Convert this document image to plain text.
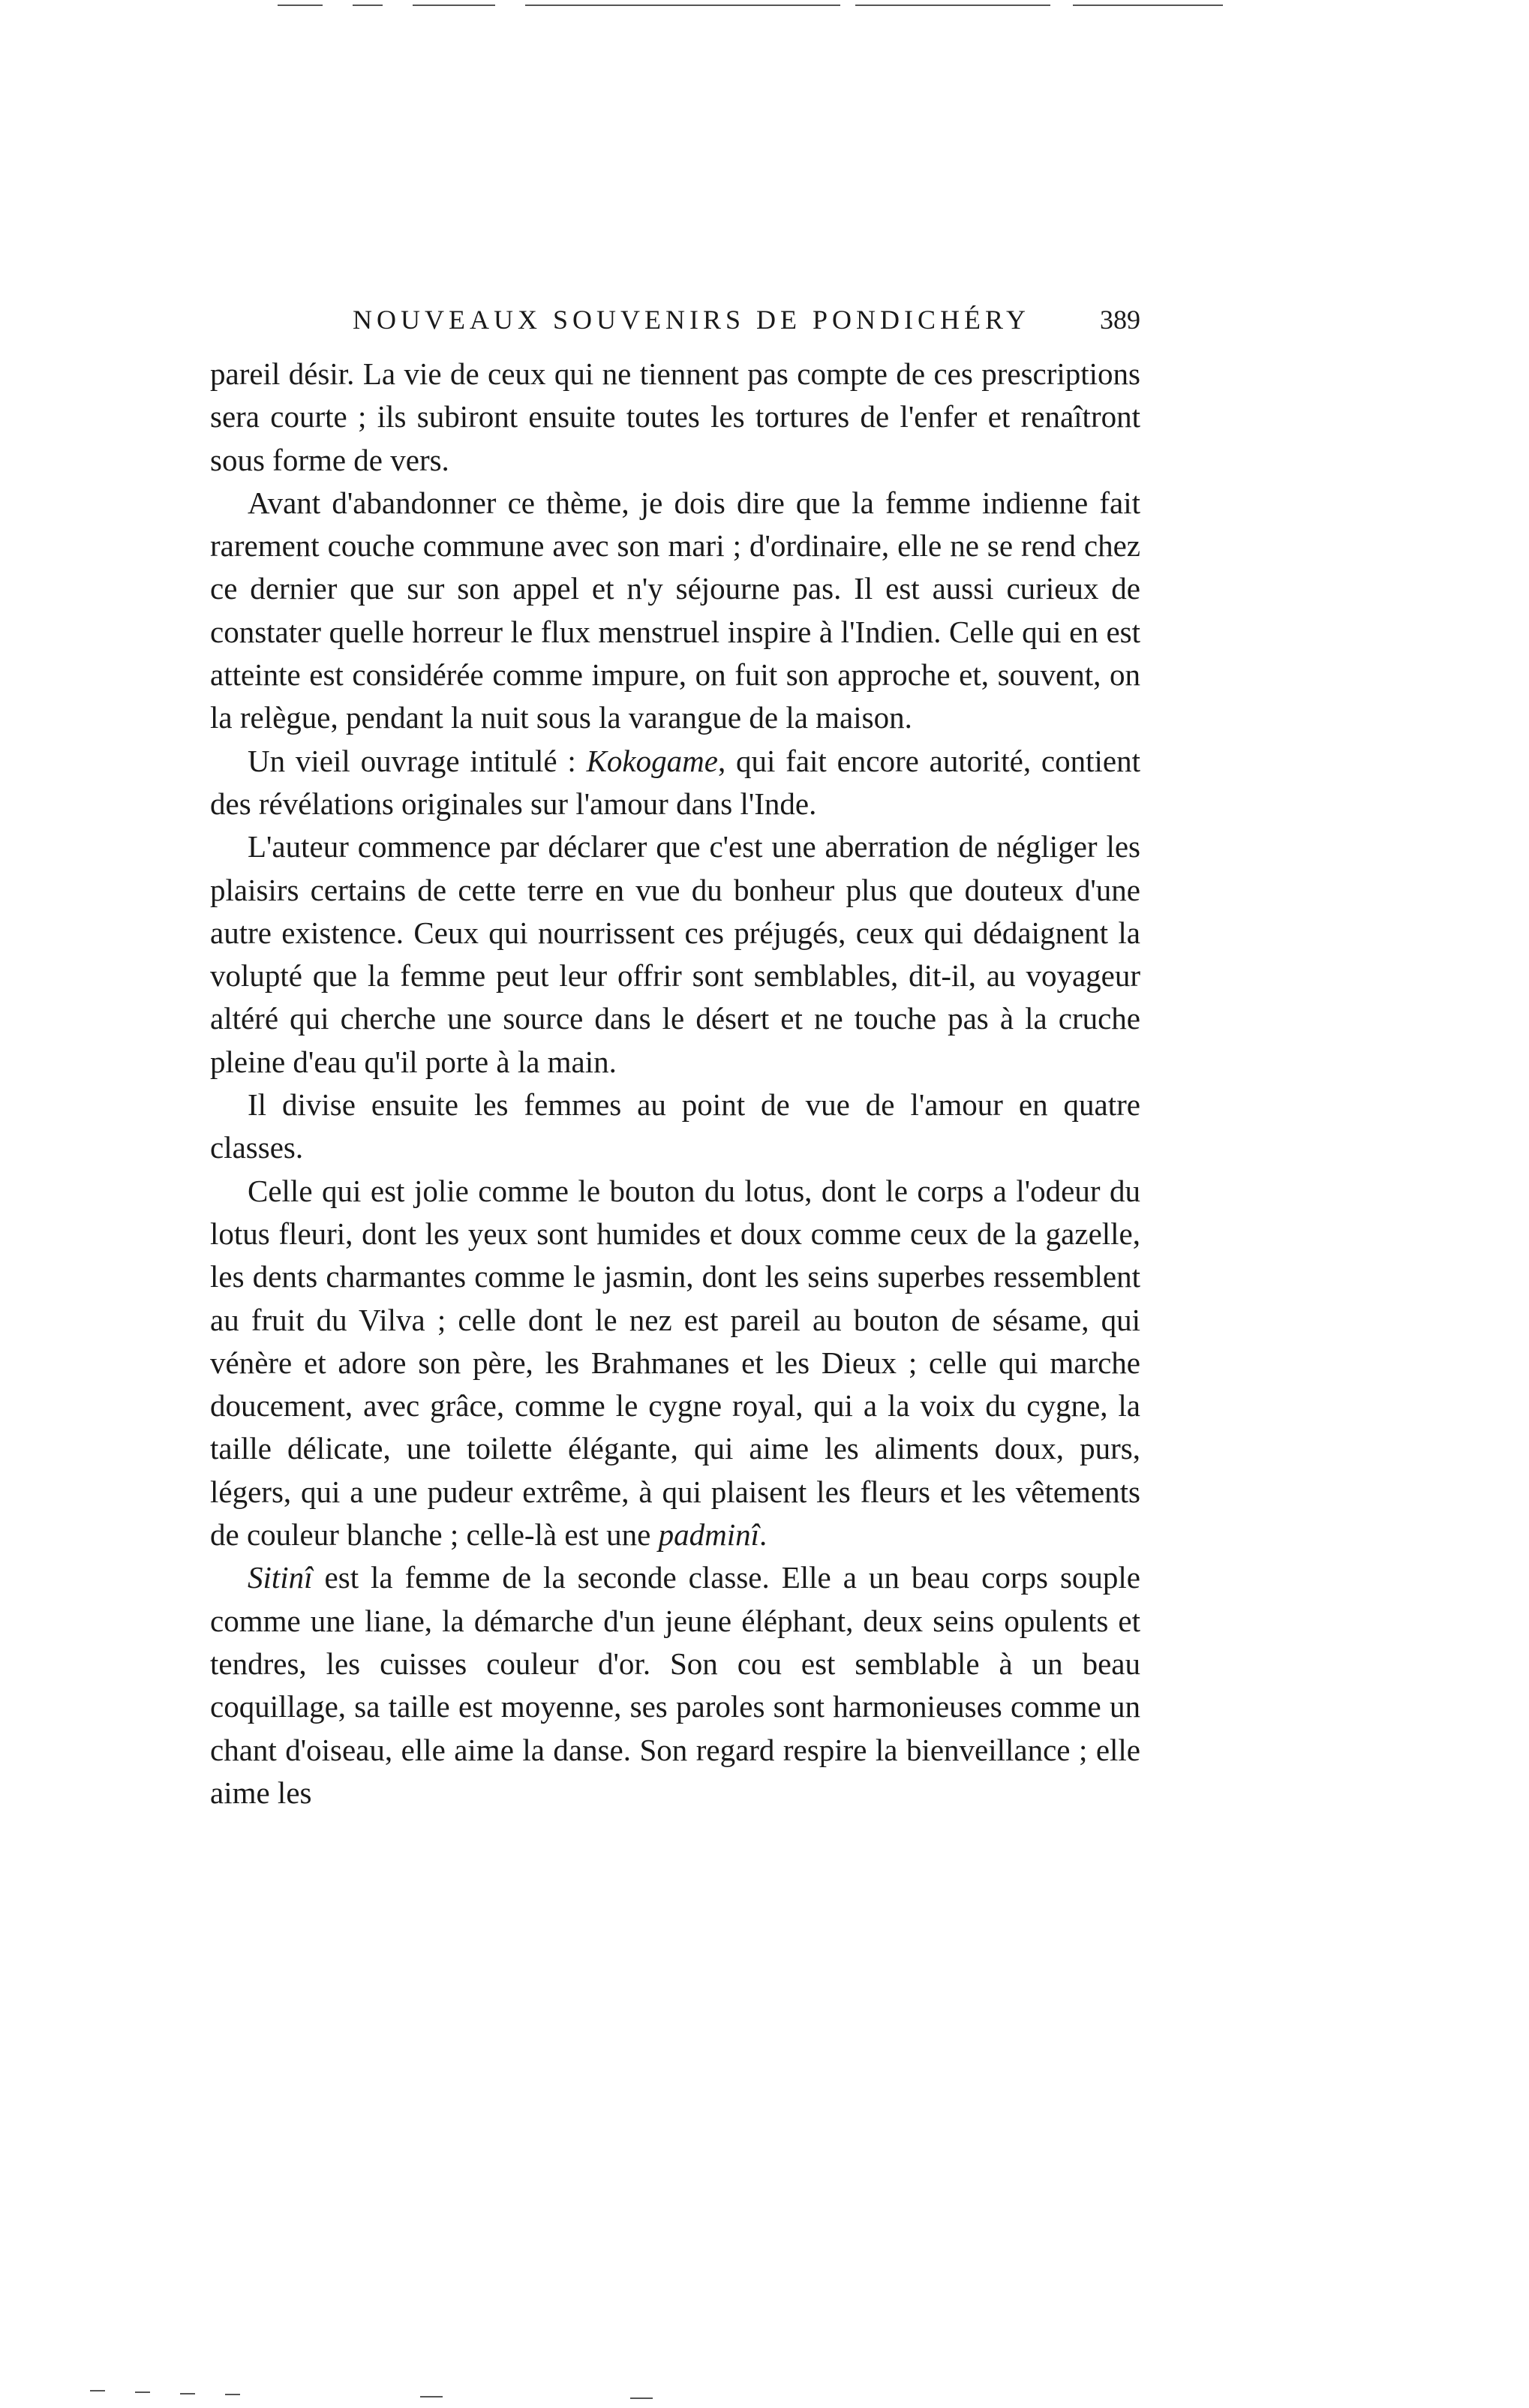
NOUVEAUX SOUVENIRS DE PONDICHÉRY	389

pareil désir. La vie de ceux qui ne tiennent pas compte de ces prescriptions sera courte ; ils subiront ensuite toutes les tortures de l'enfer et renaîtront sous forme de vers.

Avant d'abandonner ce thème, je dois dire que la femme indienne fait rarement couche commune avec son mari ; d'ordinaire, elle ne se rend chez ce dernier que sur son appel et n'y séjourne pas. Il est aussi curieux de constater quelle horreur le flux menstruel inspire à l'Indien. Celle qui en est atteinte est considérée comme impure, on fuit son approche et, souvent, on la relègue, pendant la nuit sous la varangue de la maison.

Un vieil ouvrage intitulé : Kokogame, qui fait encore autorité, contient des révélations originales sur l'amour dans l'Inde.

L'auteur commence par déclarer que c'est une aberration de négliger les plaisirs certains de cette terre en vue du bonheur plus que douteux d'une autre existence. Ceux qui nourrissent ces préjugés, ceux qui dédaignent la volupté que la femme peut leur offrir sont semblables, dit-il, au voyageur altéré qui cherche une source dans le désert et ne touche pas à la cruche pleine d'eau qu'il porte à la main.

Il divise ensuite les femmes au point de vue de l'amour en quatre classes.

Celle qui est jolie comme le bouton du lotus, dont le corps a l'odeur du lotus fleuri, dont les yeux sont humides et doux comme ceux de la gazelle, les dents charmantes comme le jasmin, dont les seins superbes ressemblent au fruit du Vilva ; celle dont le nez est pareil au bouton de sésame, qui vénère et adore son père, les Brahmanes et les Dieux ; celle qui marche doucement, avec grâce, comme le cygne royal, qui a la voix du cygne, la taille délicate, une toilette élégante, qui aime les aliments doux, purs, légers, qui a une pudeur extrême, à qui plaisent les fleurs et les vêtements de couleur blanche ; celle-là est une padminî.

Sitinî est la femme de la seconde classe. Elle a un beau corps souple comme une liane, la démarche d'un jeune éléphant, deux seins opulents et tendres, les cuisses couleur d'or. Son cou est semblable à un beau coquillage, sa taille est moyenne, ses paroles sont harmonieuses comme un chant d'oiseau, elle aime la danse. Son regard respire la bienveillance ; elle aime les
